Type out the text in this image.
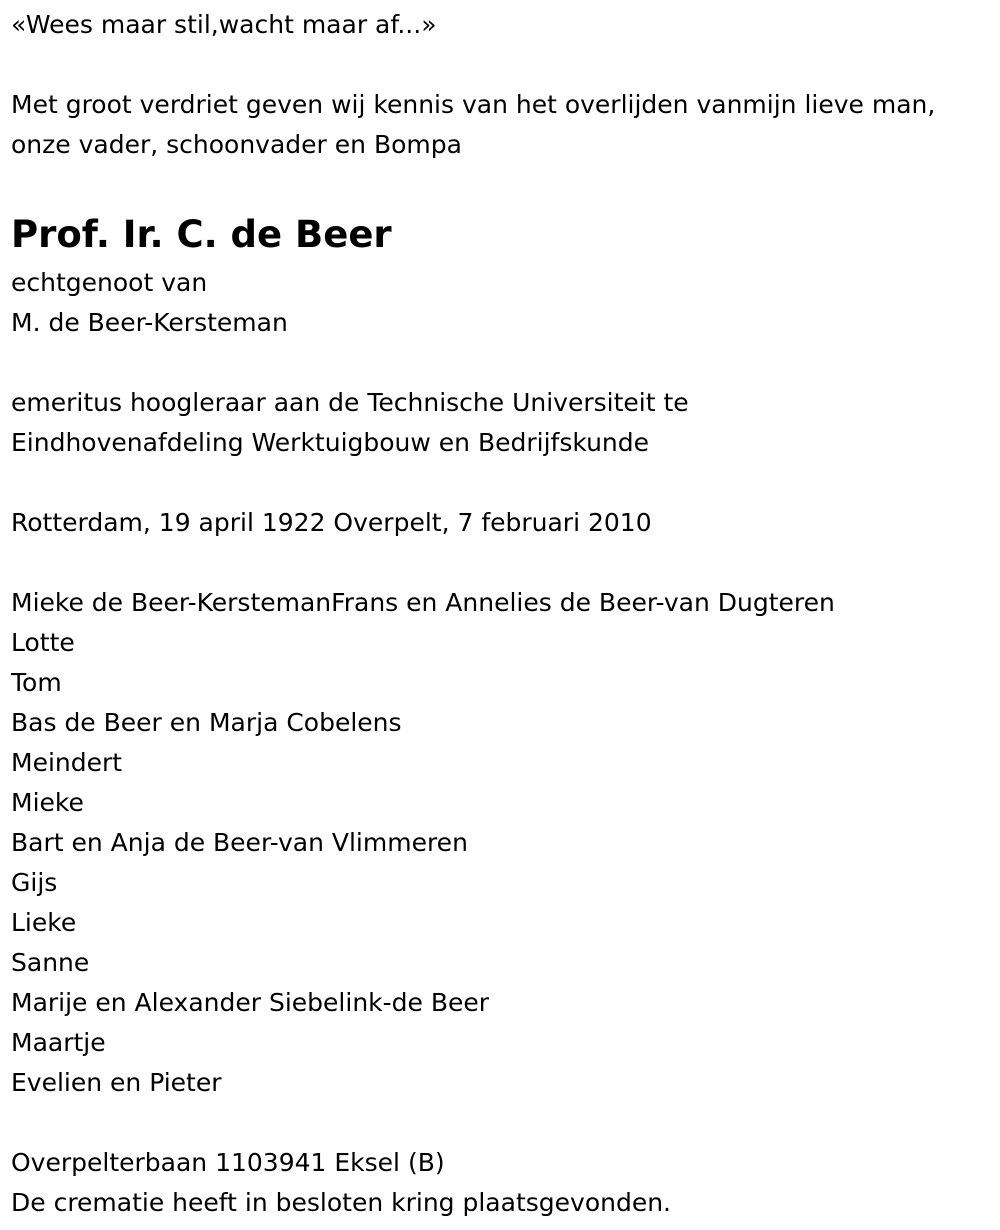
«Wees maar stil,wacht maar af...»

Met groot verdriet geven wij kennis van het overlijden vanmijn lieve man,

onze vader, schoonvader en Bompa

Prof. Ir. C. de Beer

echtgenoot van

M. de Beer-Kersteman

emeritus hoogleraar aan de Technische Universiteit te

Eindhovenafdeling Werktuigbouw en Bedrijfskunde

Rotterdam, 19 april 1922 Overpelt, 7 februari 2010

Mieke de Beer-KerstemanFrans en Annelies de Beer-van Dugteren

Lotte

Tom

Bas de Beer en Marja Cobelens

Meindert

Mieke

Bart en Anja de Beer-van Vlimmeren

Gijs

Lieke

Sanne

Marije en Alexander Siebelink-de Beer

Maartje

Evelien en Pieter

Overpelterbaan 1103941 Eksel (B)

De crematie heeft in besloten kring plaatsgevonden.
